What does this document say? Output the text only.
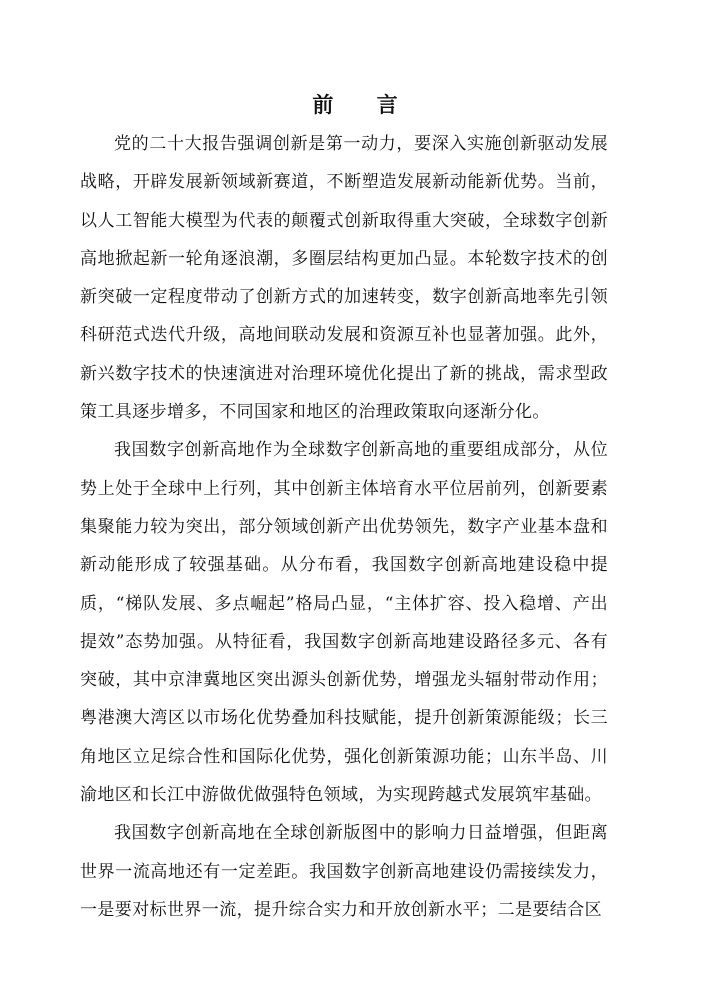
前 言

党的二十大报告强调创新是第一动力，要深入实施创新驱动发展战略，开辟发展新领域新赛道，不断塑造发展新动能新优势。当前，以人工智能大模型为代表的颠覆式创新取得重大突破，全球数字创新高地掀起新一轮角逐浪潮，多圈层结构更加凸显。本轮数字技术的创新突破一定程度带动了创新方式的加速转变，数字创新高地率先引领科研范式迭代升级，高地间联动发展和资源互补也显著加强。此外，新兴数字技术的快速演进对治理环境优化提出了新的挑战，需求型政策工具逐步增多，不同国家和地区的治理政策取向逐渐分化。

我国数字创新高地作为全球数字创新高地的重要组成部分，从位势上处于全球中上行列，其中创新主体培育水平位居前列，创新要素集聚能力较为突出，部分领域创新产出优势领先，数字产业基本盘和新动能形成了较强基础。从分布看，我国数字创新高地建设稳中提质，“梯队发展、多点崛起”格局凸显，“主体扩容、投入稳增、产出提效”态势加强。从特征看，我国数字创新高地建设路径多元、各有突破，其中京津冀地区突出源头创新优势，增强龙头辐射带动作用；粤港澳大湾区以市场化优势叠加科技赋能，提升创新策源能级；长三角地区立足综合性和国际化优势，强化创新策源功能；山东半岛、川渝地区和长江中游做优做强特色领域，为实现跨越式发展筑牢基础。

我国数字创新高地在全球创新版图中的影响力日益增强，但距离世界一流高地还有一定差距。我国数字创新高地建设仍需接续发力，一是要对标世界一流，提升综合实力和开放创新水平；二是要结合区
